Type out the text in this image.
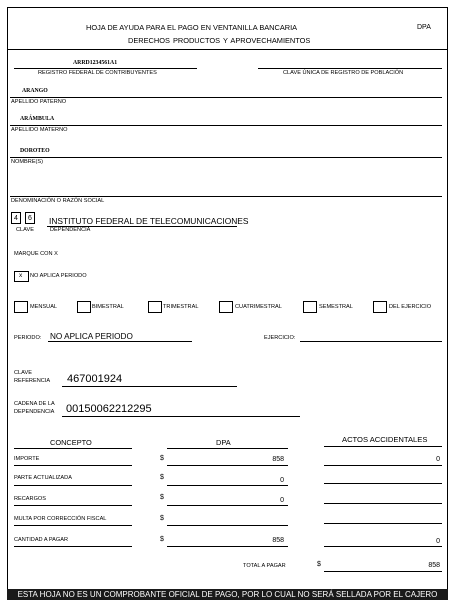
HOJA DE AYUDA PARA EL PAGO EN VENTANILLA BANCARIA
DERECHOS PRODUCTOS Y APROVECHAMIENTOS
DPA
ARRD1234561A1
REGISTRO FEDERAL DE CONTRIBUYENTES	CLAVE ÚNICA DE REGISTRO DE POBLACIÓN
ARANGO
APELLIDO PATERNO
ARÁMBULA
APELLIDO MATERNO
DOROTEO
NOMBRE(S)
DENOMINACIÓN O RAZÓN SOCIAL
4 6
CLAVE
INSTITUTO FEDERAL DE TELECOMUNICACIONES
DEPENDENCIA
MARQUE CON X
x NO APLICA PERIODO
MENSUAL	BIMESTRAL	TRIMESTRAL	CUATRIMESTRAL	SEMESTRAL	DEL EJERCICIO
PERIODO: NO APLICA PERIODO	EJERCICIO:
CLAVE
REFERENCIA 467001924
CADENA DE LA
DEPENDENCIA 00150062212295
CONCEPTO	DPA	ACTOS ACCIDENTALES
IMPORTE	$	858	0
PARTE ACTUALIZADA	$	0
RECARGOS	$	0
MULTA POR CORRECCIÓN FISCAL	$
CANTIDAD A PAGAR	$	858	0
TOTAL A PAGAR	$	858
ESTA HOJA NO ES UN COMPROBANTE OFICIAL DE PAGO, POR LO CUAL NO SERÁ SELLADA POR EL CAJERO
